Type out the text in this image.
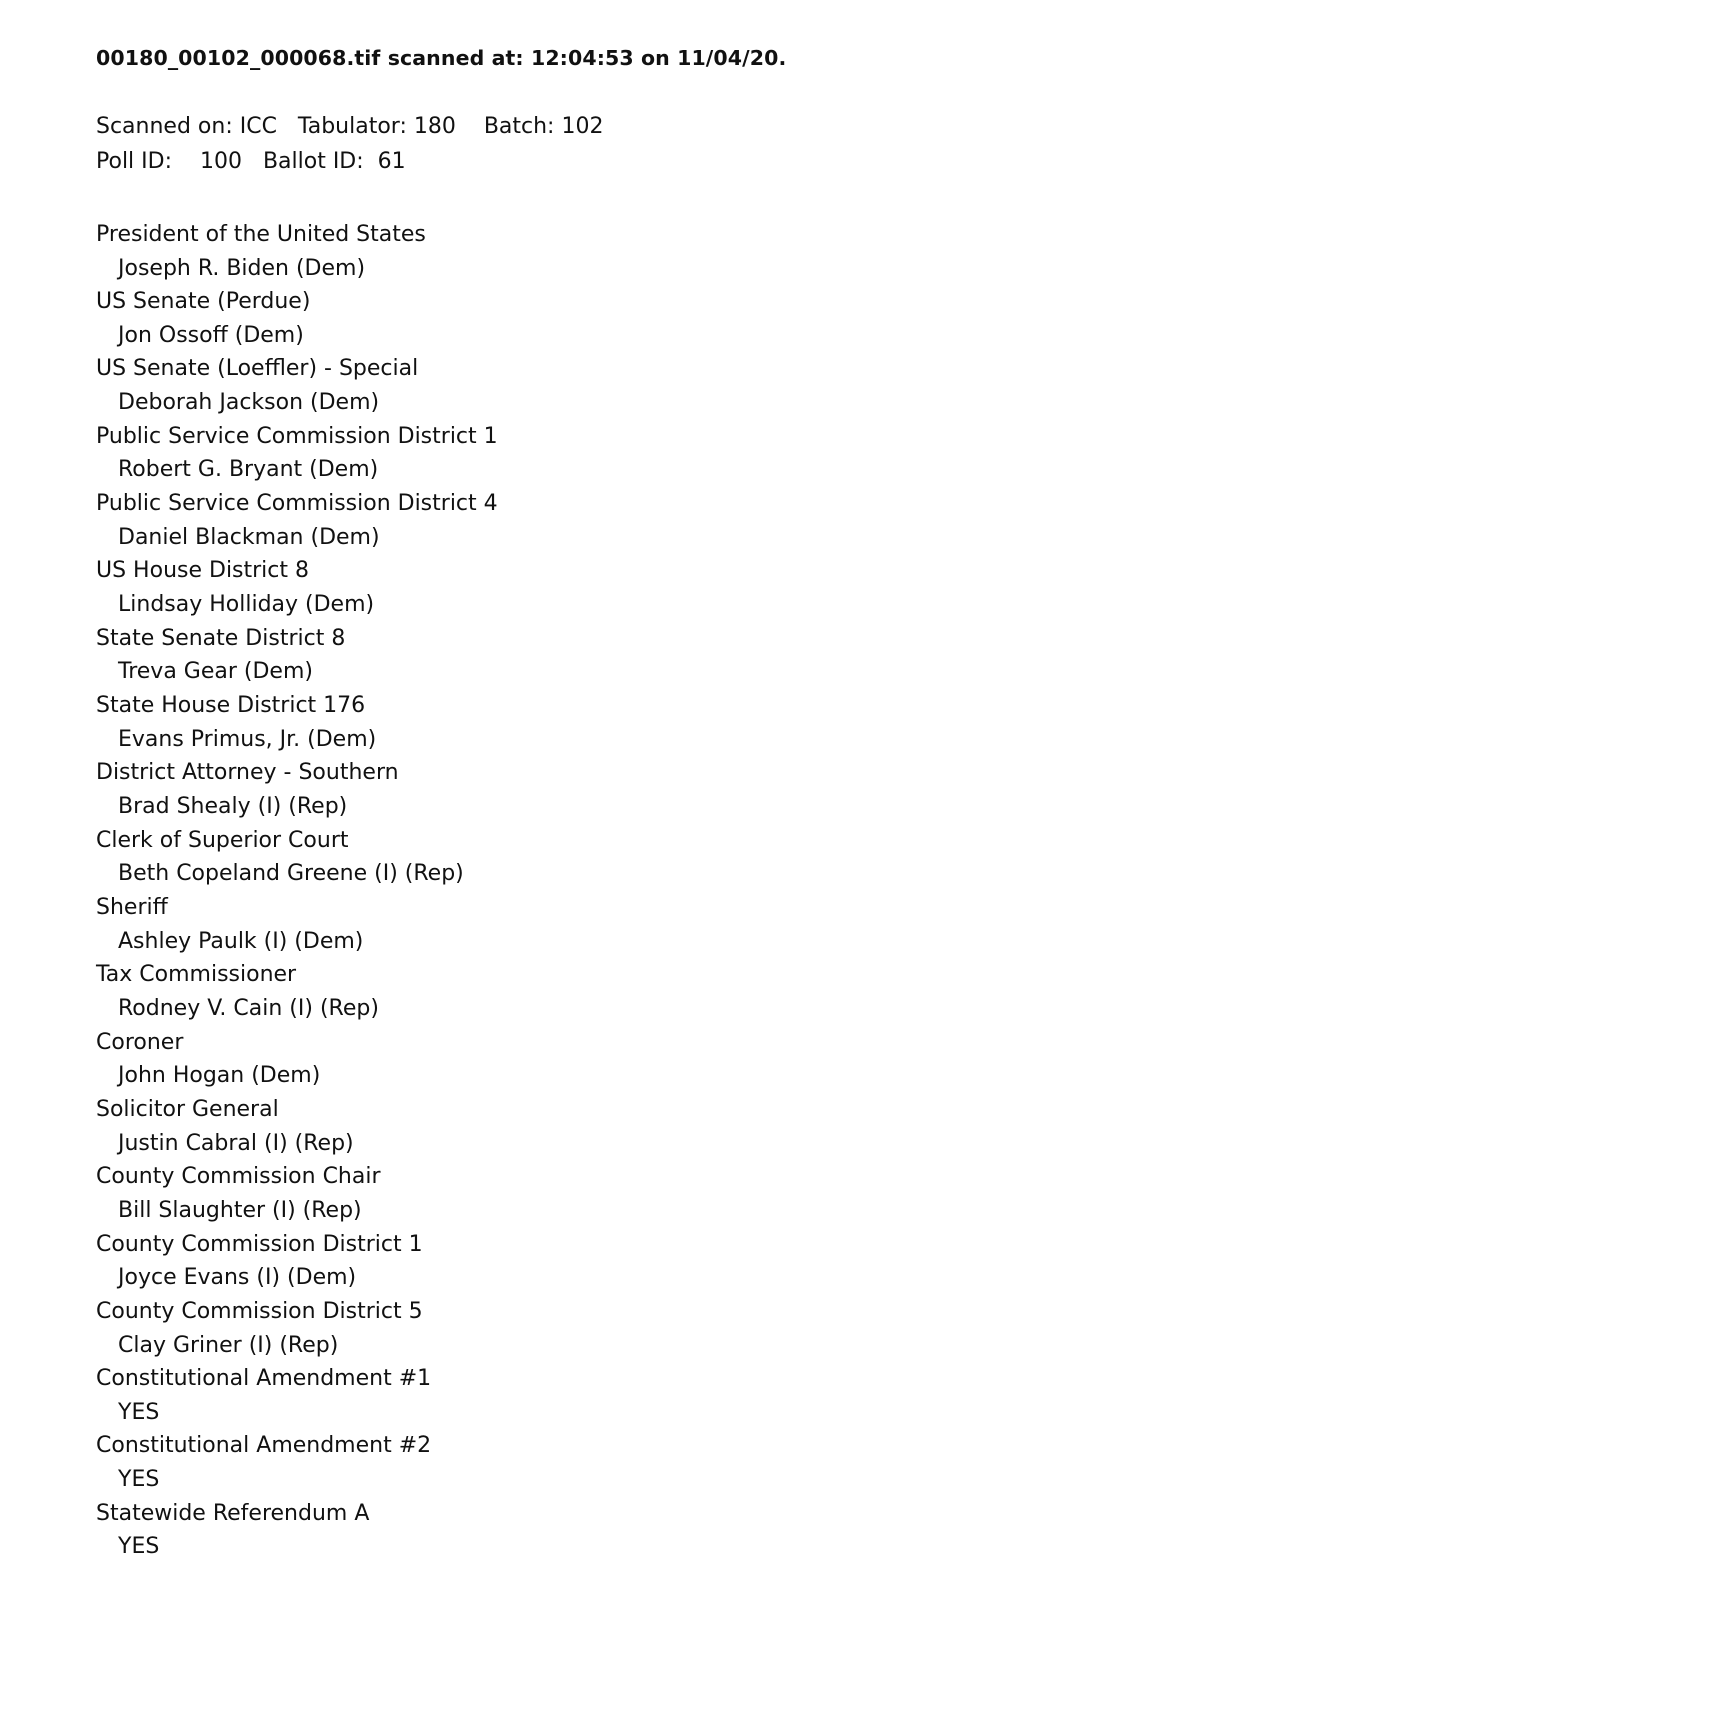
00180_00102_000068.tif scanned at: 12:04:53 on 11/04/20.
Scanned on: ICC   Tabulator: 180    Batch: 102
Poll ID:    100   Ballot ID:  61
President of the United States
Joseph R. Biden (Dem)
US Senate (Perdue)
Jon Ossoff (Dem)
US Senate (Loeffler) - Special
Deborah Jackson (Dem)
Public Service Commission District 1
Robert G. Bryant (Dem)
Public Service Commission District 4
Daniel Blackman (Dem)
US House District 8
Lindsay Holliday (Dem)
State Senate District 8
Treva Gear (Dem)
State House District 176
Evans Primus, Jr. (Dem)
District Attorney - Southern
Brad Shealy (I) (Rep)
Clerk of Superior Court
Beth Copeland Greene (I) (Rep)
Sheriff
Ashley Paulk (I) (Dem)
Tax Commissioner
Rodney V. Cain (I) (Rep)
Coroner
John Hogan (Dem)
Solicitor General
Justin Cabral (I) (Rep)
County Commission Chair
Bill Slaughter (I) (Rep)
County Commission District 1
Joyce Evans (I) (Dem)
County Commission District 5
Clay Griner (I) (Rep)
Constitutional Amendment #1
YES
Constitutional Amendment #2
YES
Statewide Referendum A
YES
